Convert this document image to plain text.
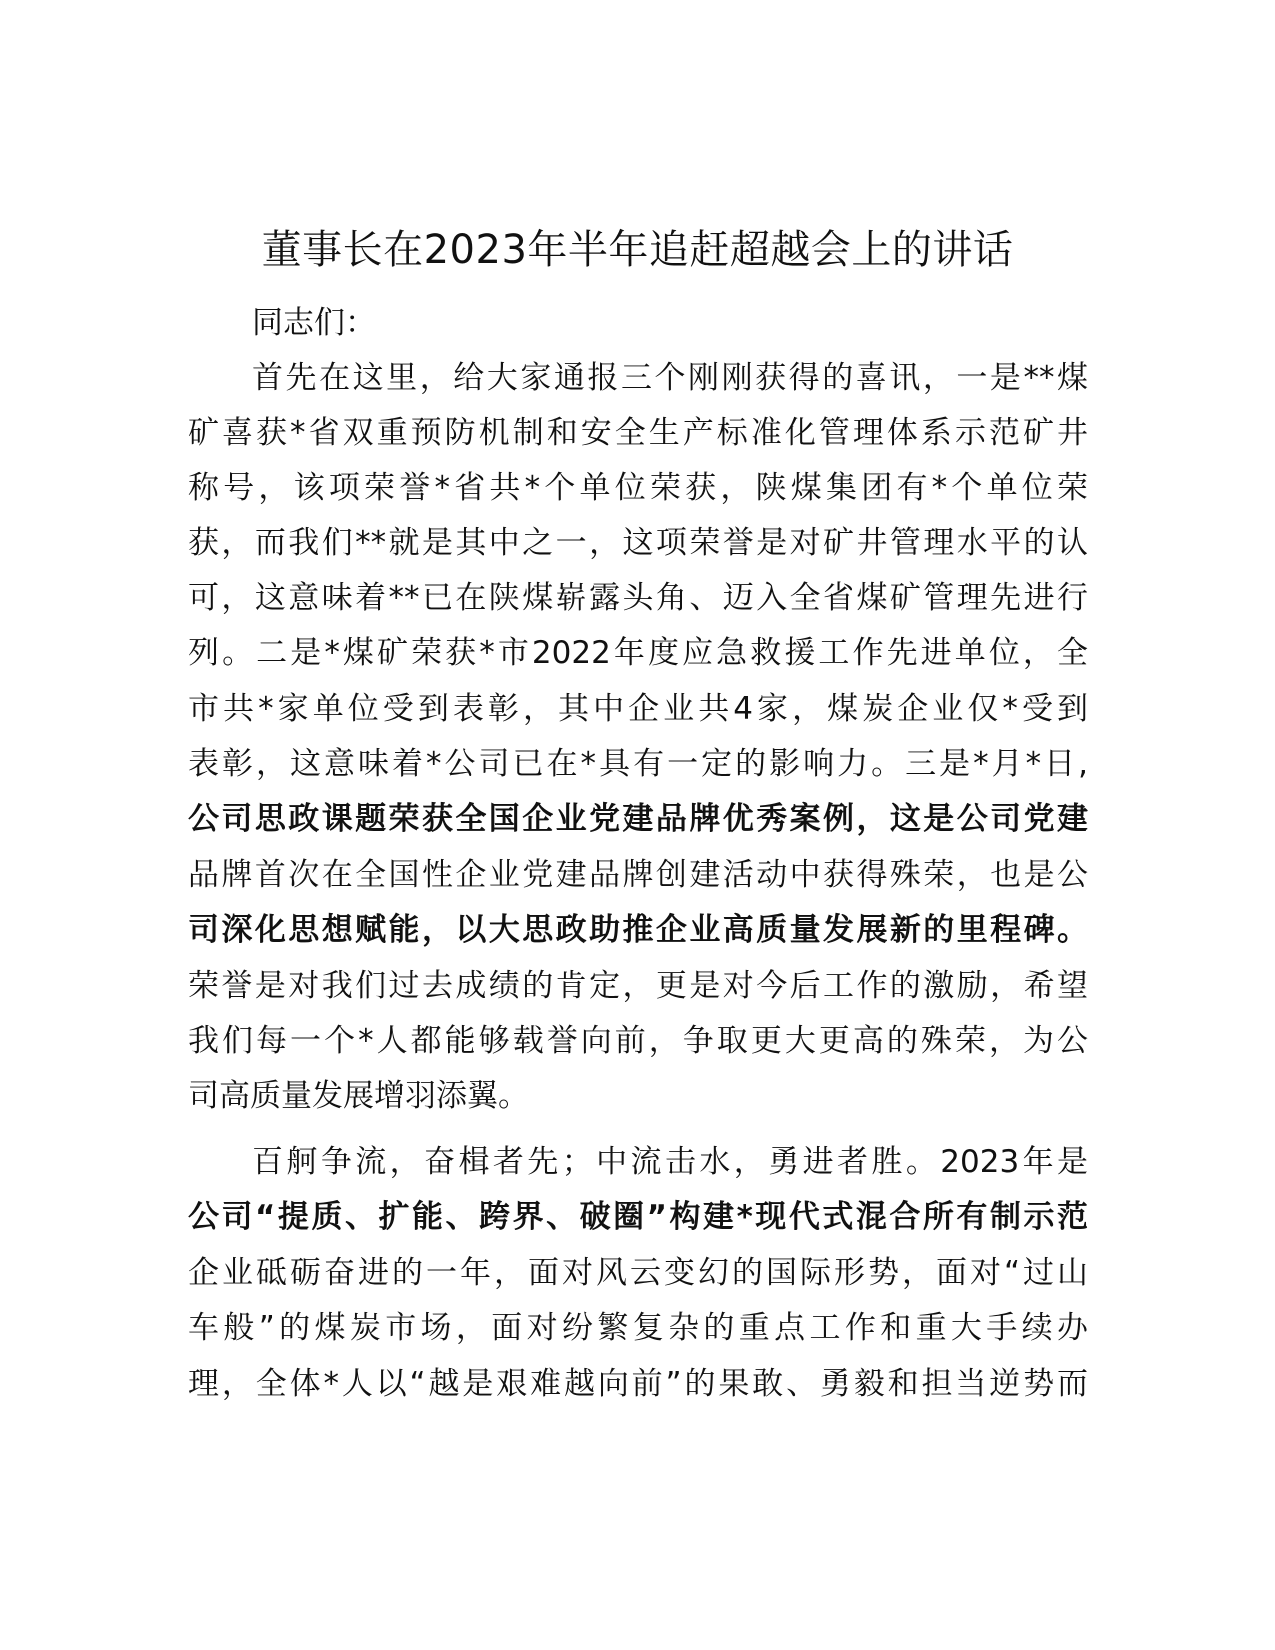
董事长在2023年半年追赶超越会上的讲话
同志们：
首先在这里，给大家通报三个刚刚获得的喜讯，一是**煤
矿喜获*省双重预防机制和安全生产标准化管理体系示范矿井
称号，该项荣誉*省共*个单位荣获，陕煤集团有*个单位荣
获，而我们**就是其中之一，这项荣誉是对矿井管理水平的认
可，这意味着**已在陕煤崭露头角、迈入全省煤矿管理先进行
列。二是*煤矿荣获*市2022年度应急救援工作先进单位，全
市共*家单位受到表彰，其中企业共4家，煤炭企业仅*受到
表彰，这意味着*公司已在*具有一定的影响力。三是*月*日,
公司思政课题荣获全国企业党建品牌优秀案例，这是公司党建
品牌首次在全国性企业党建品牌创建活动中获得殊荣，也是公
司深化思想赋能，以大思政助推企业高质量发展新的里程碑。
荣誉是对我们过去成绩的肯定，更是对今后工作的激励，希望
我们每一个*人都能够载誉向前，争取更大更高的殊荣，为公
司高质量发展增羽添翼。
百舸争流，奋楫者先；中流击水，勇进者胜。2023年是
公司“提质、扩能、跨界、破圈”构建*现代式混合所有制示范
企业砥砺奋进的一年，面对风云变幻的国际形势，面对“过山
车般”的煤炭市场，面对纷繁复杂的重点工作和重大手续办
理，全体*人以“越是艰难越向前”的果敢、勇毅和担当逆势而
